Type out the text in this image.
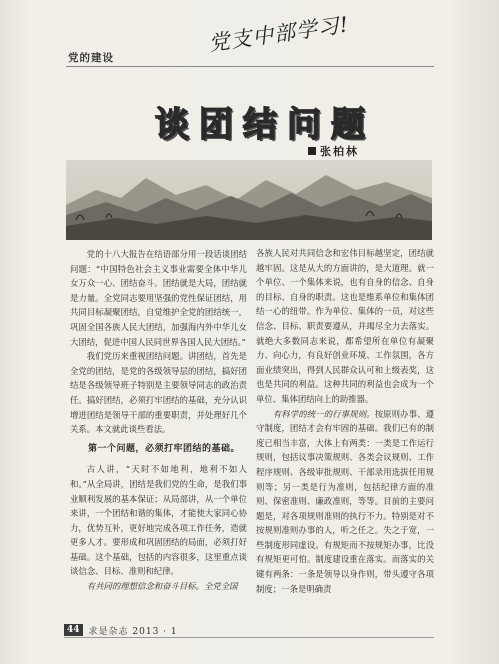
党支中部学习!
党的建设
谈团结问题
张柏林

党的十八大报告在结语部分用一段话谈团结问题：“中国特色社会主义事业需要全体中华儿女万众一心、团结奋斗。团结就是大局，团结就是力量。全党同志要用坚强的党性保证团结，用共同目标凝聚团结，自觉维护全党的团结统一，巩固全国各族人民大团结，加强海内外中华儿女大团结，促进中国人民同世界各国人民大团结。”

我们党历来重视团结问题。讲团结，首先是全党的团结，是党的各级领导层的团结，搞好团结是各级领导班子特别是主要领导同志的政治责任。搞好团结，必须打牢团结的基础，充分认识增进团结是领导干部的重要职责，并处理好几个关系。本文就此谈些看法。

第一个问题，必须打牢团结的基础。

古人讲，“天时不如地利，地利不如人和。”从全局讲，团结是我们党的生命，是我们事业顺利发展的基本保证；从局部讲，从一个单位来讲，一个团结和谐的集体，才能使大家同心协力，优势互补，更好地完成各项工作任务，造就更多人才。要形成和巩固团结的局面，必须打好基础。这个基础，包括的内容很多，这里重点谈谈信念、目标、准则和纪律。

有共同的理想信念和奋斗目标。全党全国

各族人民对共同信念和宏伟目标越坚定，团结就越牢固。这是从大的方面讲的，是大道理。就一个单位、一个集体来说，也有自身的信念、自身的目标、自身的职责。这也是维系单位和集体团结一心的纽带。作为单位、集体的一员，对这些信念、目标、职责要遵从，并竭尽全力去落实。就绝大多数同志来说，都希望所在单位有凝聚力、向心力，有良好创业环境、工作氛围，各方面业绩突出，得到人民群众认可和上级表奖，这也是共同的利益。这种共同的利益也会成为一个单位、集体团结向上的助推器。

有科学的统一的行事规则。按原则办事、遵守制度，团结才会有牢固的基础。我们已有的制度已相当丰富，大体上有两类：一类是工作运行规则，包括议事决策规则、各类会议规则、工作程序规则、各级审批规则、干部录用选拔任用规则等；另一类是行为准则，包括纪律方面的准则、保密准则、廉政准则，等等。目前的主要问题是，对各项规则准则的执行不力。特别是对不按规则准则办事的人，听之任之。失之于宽，一些制度形同虚设。有规矩而不按规矩办事，比没有规矩更可怕。制度建设重在落实。而落实的关键有两条：一条是领导以身作则，带头遵守各项制度；一条是明确责

44	求是杂志 2013 · 1
